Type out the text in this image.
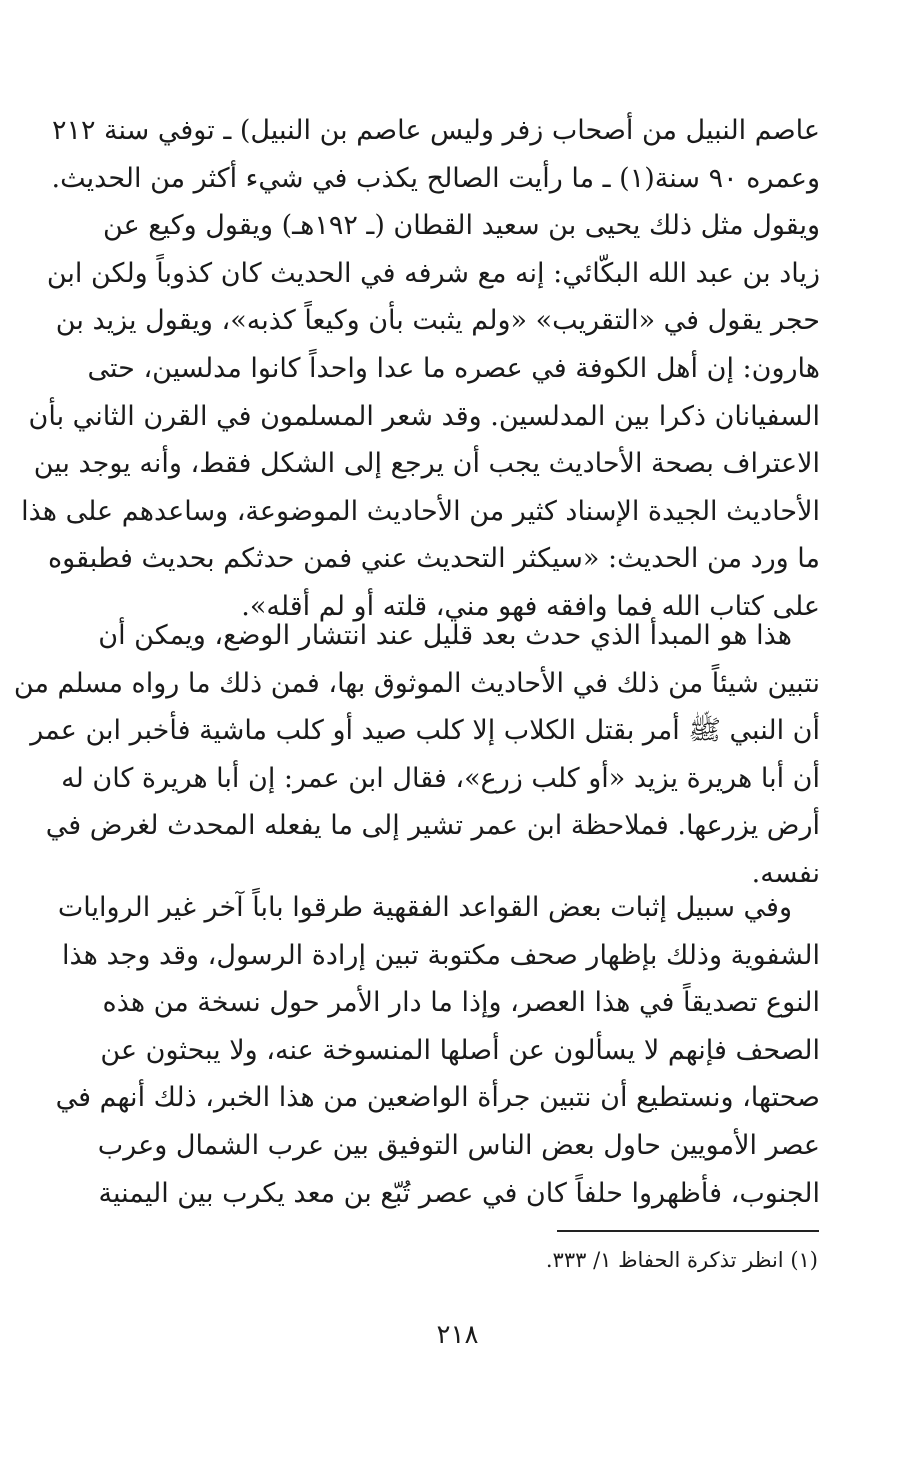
عاصم النبيل من أصحاب زفر وليس عاصم بن النبيل) ـ توفي سنة ٢١٢
وعمره ٩٠ سنة(١) ـ ما رأيت الصالح يكذب في شيء أكثر من الحديث.
ويقول مثل ذلك يحيى بن سعيد القطان (ـ ١٩٢هـ) ويقول وكيع عن
زياد بن عبد الله البكّائي: إنه مع شرفه في الحديث كان كذوباً ولكن ابن
حجر يقول في «التقريب» «ولم يثبت بأن وكيعاً كذبه»، ويقول يزيد بن
هارون: إن أهل الكوفة في عصره ما عدا واحداً كانوا مدلسين، حتى
السفيانان ذكرا بين المدلسين. وقد شعر المسلمون في القرن الثاني بأن
الاعتراف بصحة الأحاديث يجب أن يرجع إلى الشكل فقط، وأنه يوجد بين
الأحاديث الجيدة الإسناد كثير من الأحاديث الموضوعة، وساعدهم على هذا
ما ورد من الحديث: «سيكثر التحديث عني فمن حدثكم بحديث فطبقوه
على كتاب الله فما وافقه فهو مني، قلته أو لم أقله».
هذا هو المبدأ الذي حدث بعد قليل عند انتشار الوضع، ويمكن أن
نتبين شيئاً من ذلك في الأحاديث الموثوق بها، فمن ذلك ما رواه مسلم من
أن النبي ﷺ أمر بقتل الكلاب إلا كلب صيد أو كلب ماشية فأخبر ابن عمر
أن أبا هريرة يزيد «أو كلب زرع»، فقال ابن عمر: إن أبا هريرة كان له
أرض يزرعها. فملاحظة ابن عمر تشير إلى ما يفعله المحدث لغرض في
نفسه.
وفي سبيل إثبات بعض القواعد الفقهية طرقوا باباً آخر غير الروايات
الشفوية وذلك بإظهار صحف مكتوبة تبين إرادة الرسول، وقد وجد هذا
النوع تصديقاً في هذا العصر، وإذا ما دار الأمر حول نسخة من هذه
الصحف فإنهم لا يسألون عن أصلها المنسوخة عنه، ولا يبحثون عن
صحتها، ونستطيع أن نتبين جرأة الواضعين من هذا الخبر، ذلك أنهم في
عصر الأمويين حاول بعض الناس التوفيق بين عرب الشمال وعرب
الجنوب، فأظهروا حلفاً كان في عصر تُبّع بن معد يكرب بين اليمنية
(١) انظر تذكرة الحفاظ ١/ ٣٣٣.
٢١٨
